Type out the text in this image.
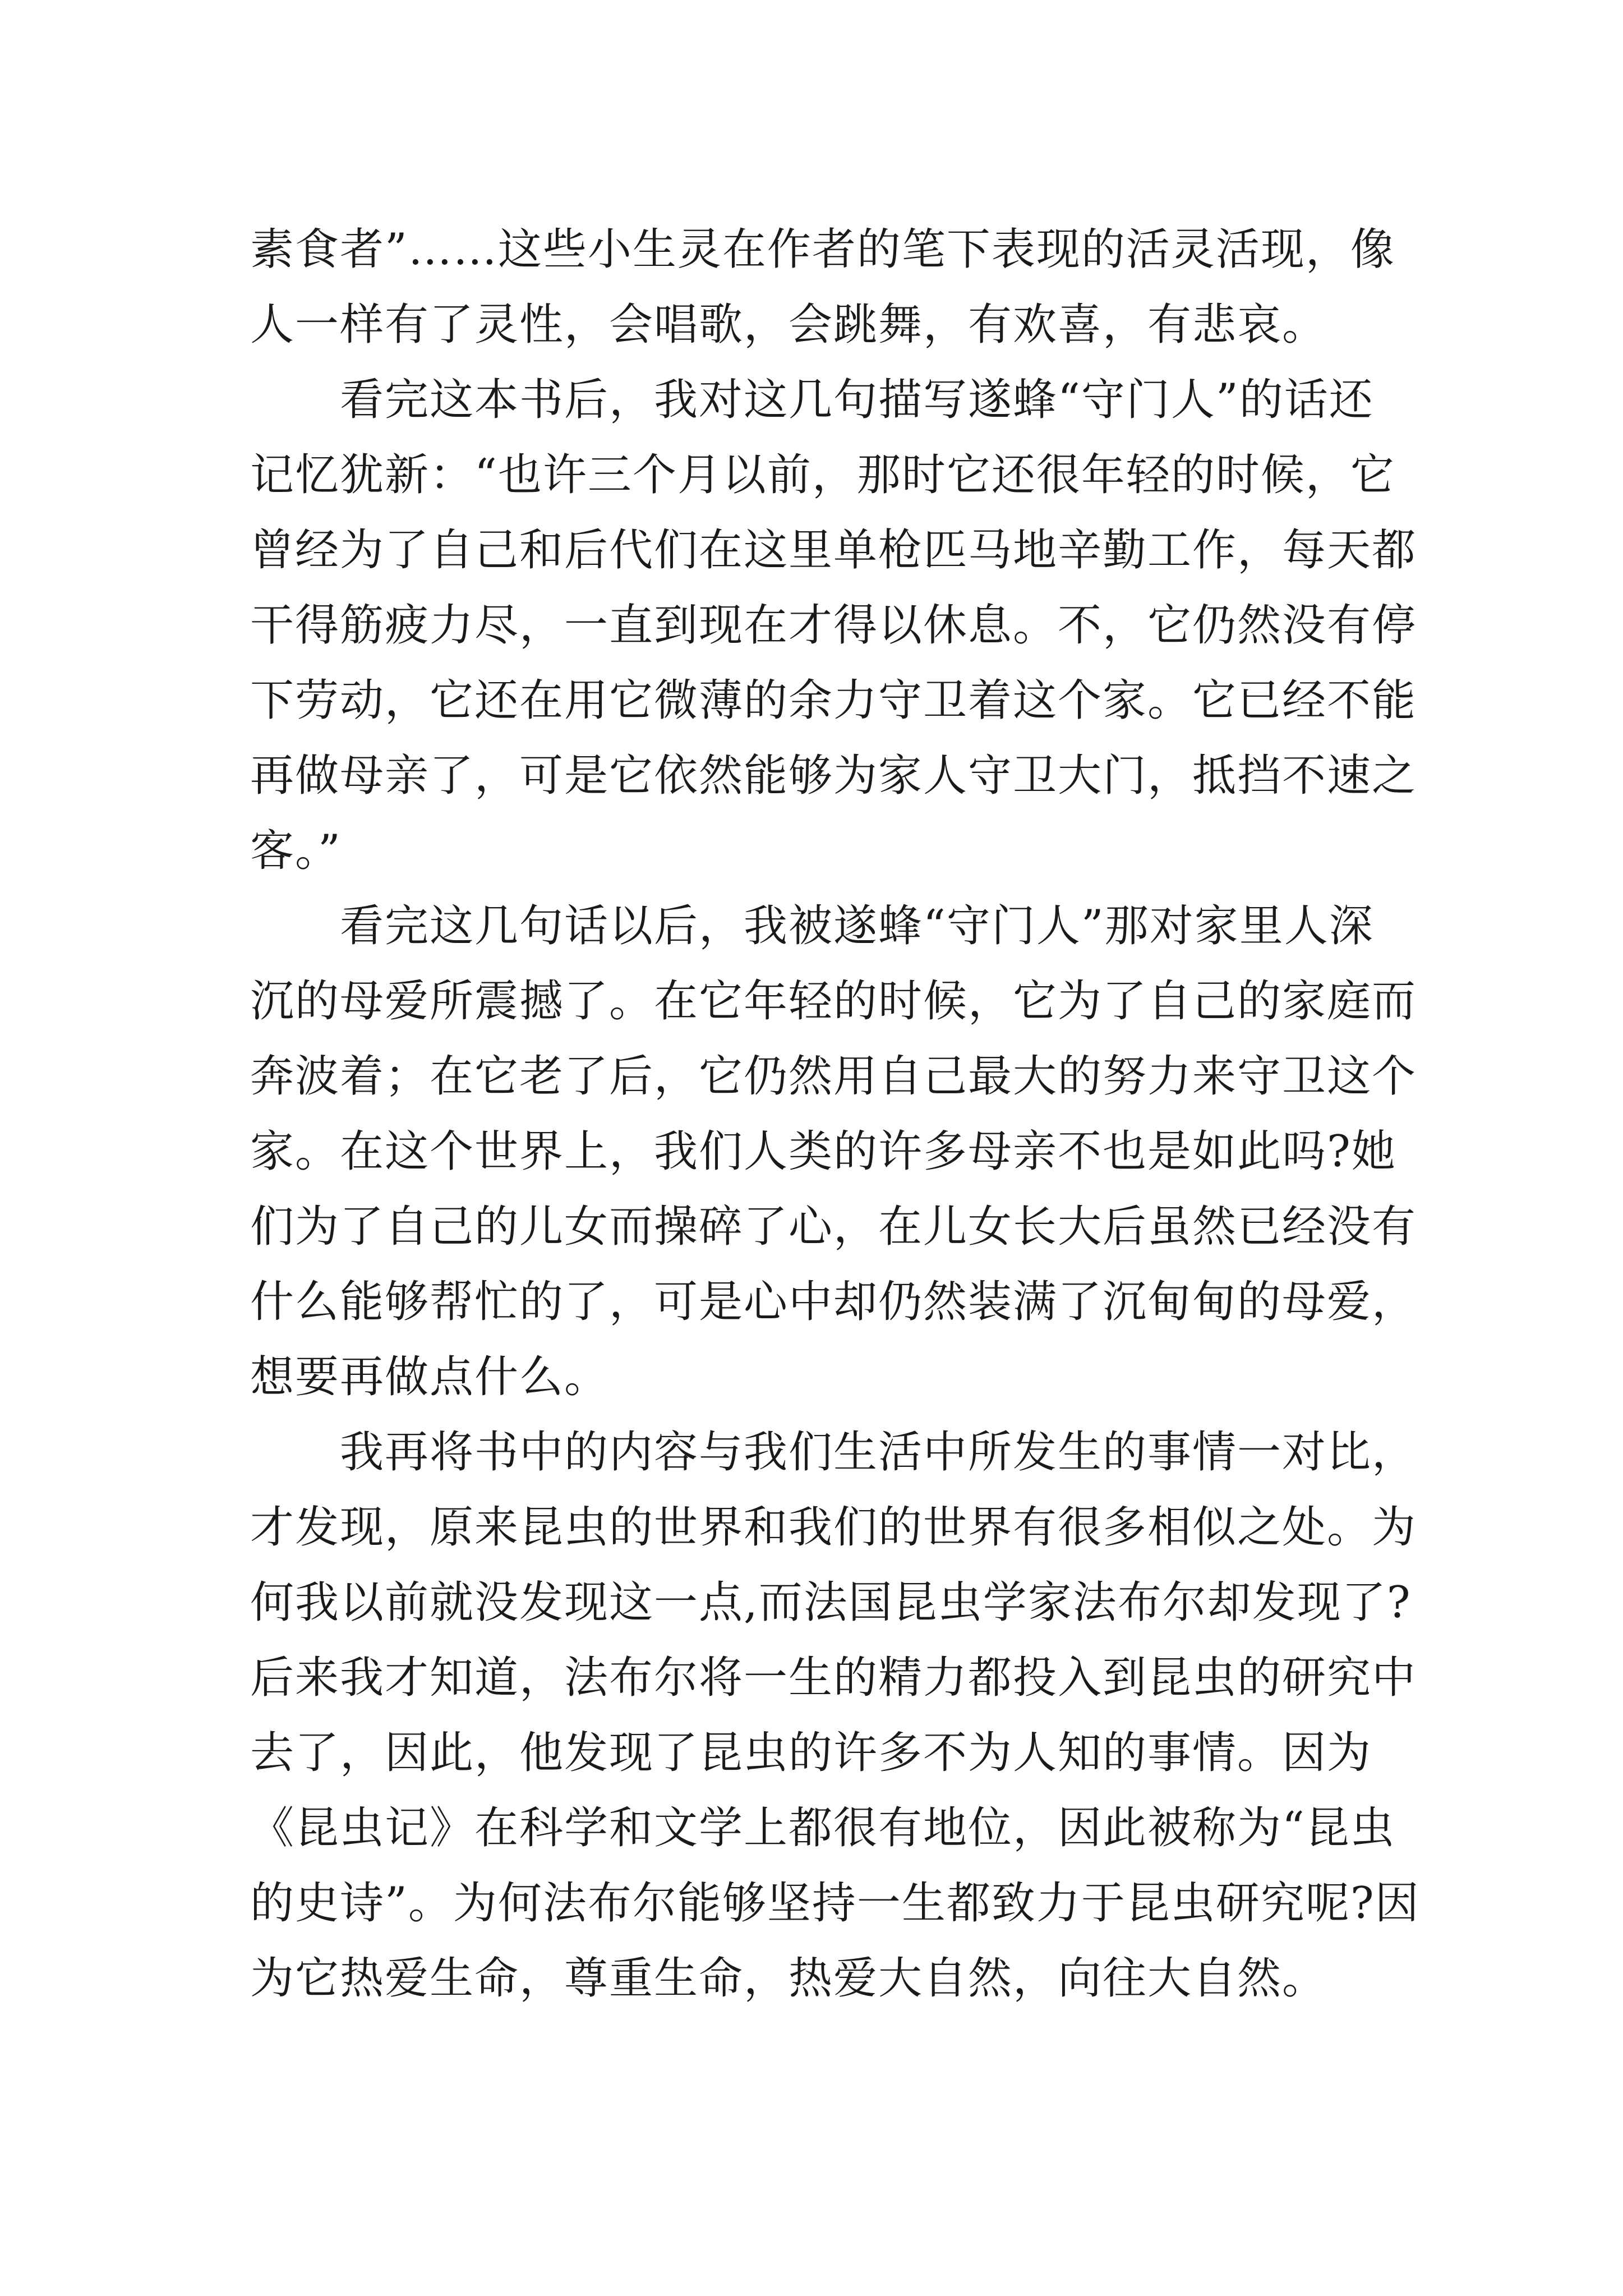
素食者”……这些小生灵在作者的笔下表现的活灵活现，像
人一样有了灵性，会唱歌，会跳舞，有欢喜，有悲哀。
看完这本书后，我对这几句描写遂蜂“守门人”的话还
记忆犹新：“也许三个月以前，那时它还很年轻的时候，它
曾经为了自己和后代们在这里单枪匹马地辛勤工作，每天都
干得筋疲力尽，一直到现在才得以休息。不，它仍然没有停
下劳动，它还在用它微薄的余力守卫着这个家。它已经不能
再做母亲了，可是它依然能够为家人守卫大门，抵挡不速之
客。”
看完这几句话以后，我被遂蜂“守门人”那对家里人深
沉的母爱所震撼了。在它年轻的时候，它为了自己的家庭而
奔波着；在它老了后，它仍然用自己最大的努力来守卫这个
家。在这个世界上，我们人类的许多母亲不也是如此吗?她
们为了自己的儿女而操碎了心，在儿女长大后虽然已经没有
什么能够帮忙的了，可是心中却仍然装满了沉甸甸的母爱，
想要再做点什么。
我再将书中的内容与我们生活中所发生的事情一对比，
才发现，原来昆虫的世界和我们的世界有很多相似之处。为
何我以前就没发现这一点,而法国昆虫学家法布尔却发现了?
后来我才知道，法布尔将一生的精力都投入到昆虫的研究中
去了，因此，他发现了昆虫的许多不为人知的事情。因为
《昆虫记》在科学和文学上都很有地位，因此被称为“昆虫
的史诗”。为何法布尔能够坚持一生都致力于昆虫研究呢?因
为它热爱生命，尊重生命，热爱大自然，向往大自然。
